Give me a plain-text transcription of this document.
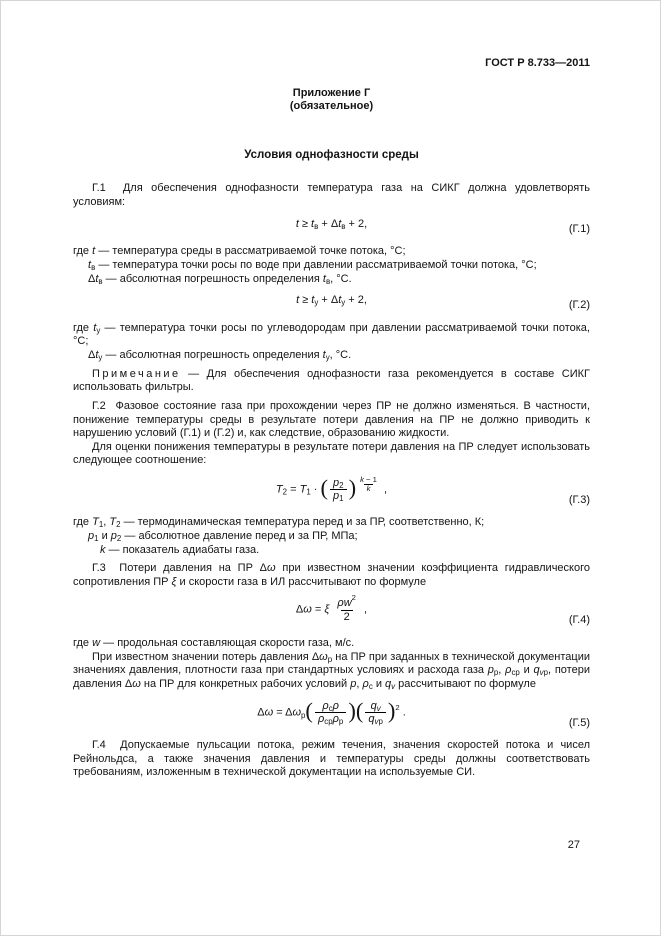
ГОСТ Р 8.733—2011
Приложение Г
(обязательное)
Условия однофазности среды

Г.1  Для обеспечения однофазности температура газа на СИКГ должна удовлетворять условиям:

$t \ge t_в + \Delta t_в + 2$,	(Г.1)

где t — температура среды в рассматриваемой точке потока, °С;

$t_в$ — температура точки росы по воде при давлении рассматриваемой точки потока, °С;

$\Delta t_в$ — абсолютная погрешность определения $t_в$, °С.

$t \ge t_у + \Delta t_у + 2$,	(Г.2)

где $t_у$ — температура точки росы по углеводородам при давлении рассматриваемой точки потока, °С;

$\Delta t_у$ — абсолютная погрешность определения $t_у$, °С.

Примечание — Для обеспечения однофазности газа рекомендуется в составе СИКГ использовать фильтры.

Г.2  Фазовое состояние газа при прохождении через ПР не должно изменяться. В частности, понижение температуры среды в результате потери давления на ПР не должно приводить к нарушению условий (Г.1) и (Г.2) и, как следствие, образованию жидкости.

Для оценки понижения температуры в результате потери давления на ПР следует использовать следующее соотношение:

$T_2 = T_1$ · ( $\frac{p_2}{p_1}$ ) $^{\frac{k - 1}{k}}$ ,
(Г.3)

где $T_1$, $T_2$ — термодинамическая температура перед и за ПР, соответственно, К;

$p_1$ и $p_2$ — абсолютное давление перед и за ПР, МПа;

k — показатель адиабаты газа.

Г.3  Потери давления на ПР Δω при известном значении коэффициента гидравлического сопротивления ПР ξ и скорости газа в ИЛ рассчитывают по формуле

Δω = ξ $\frac{\rho w^2}{2}$ ,
(Г.4)

где w — продольная составляющая скорости газа, м/с.

При известном значении потерь давления $\Delta\omega_р$ на ПР при заданных в технической документации значениях давления, плотности газа при стандартных условиях и расхода газа $p_р$, $\rho_{ср}$ и $q_{vр}$, потери давления Δω на ПР для конкретных рабочих условий p, $\rho_с$ и $q_v$ рассчитывают по формуле

$\Delta\omega = \Delta\omega_р( \frac{\rho_с\rho}{\rho_{ср}\rho_р}$ )( $\frac{q_v}{q_{vр}} )^2$ .
(Г.5)

Г.4  Допускаемые пульсации потока, режим течения, значения скоростей потока и чисел Рейнольдса, а также значения давления и температуры среды должны соответствовать требованиям, изложенным в технической документации на используемые СИ.

27
